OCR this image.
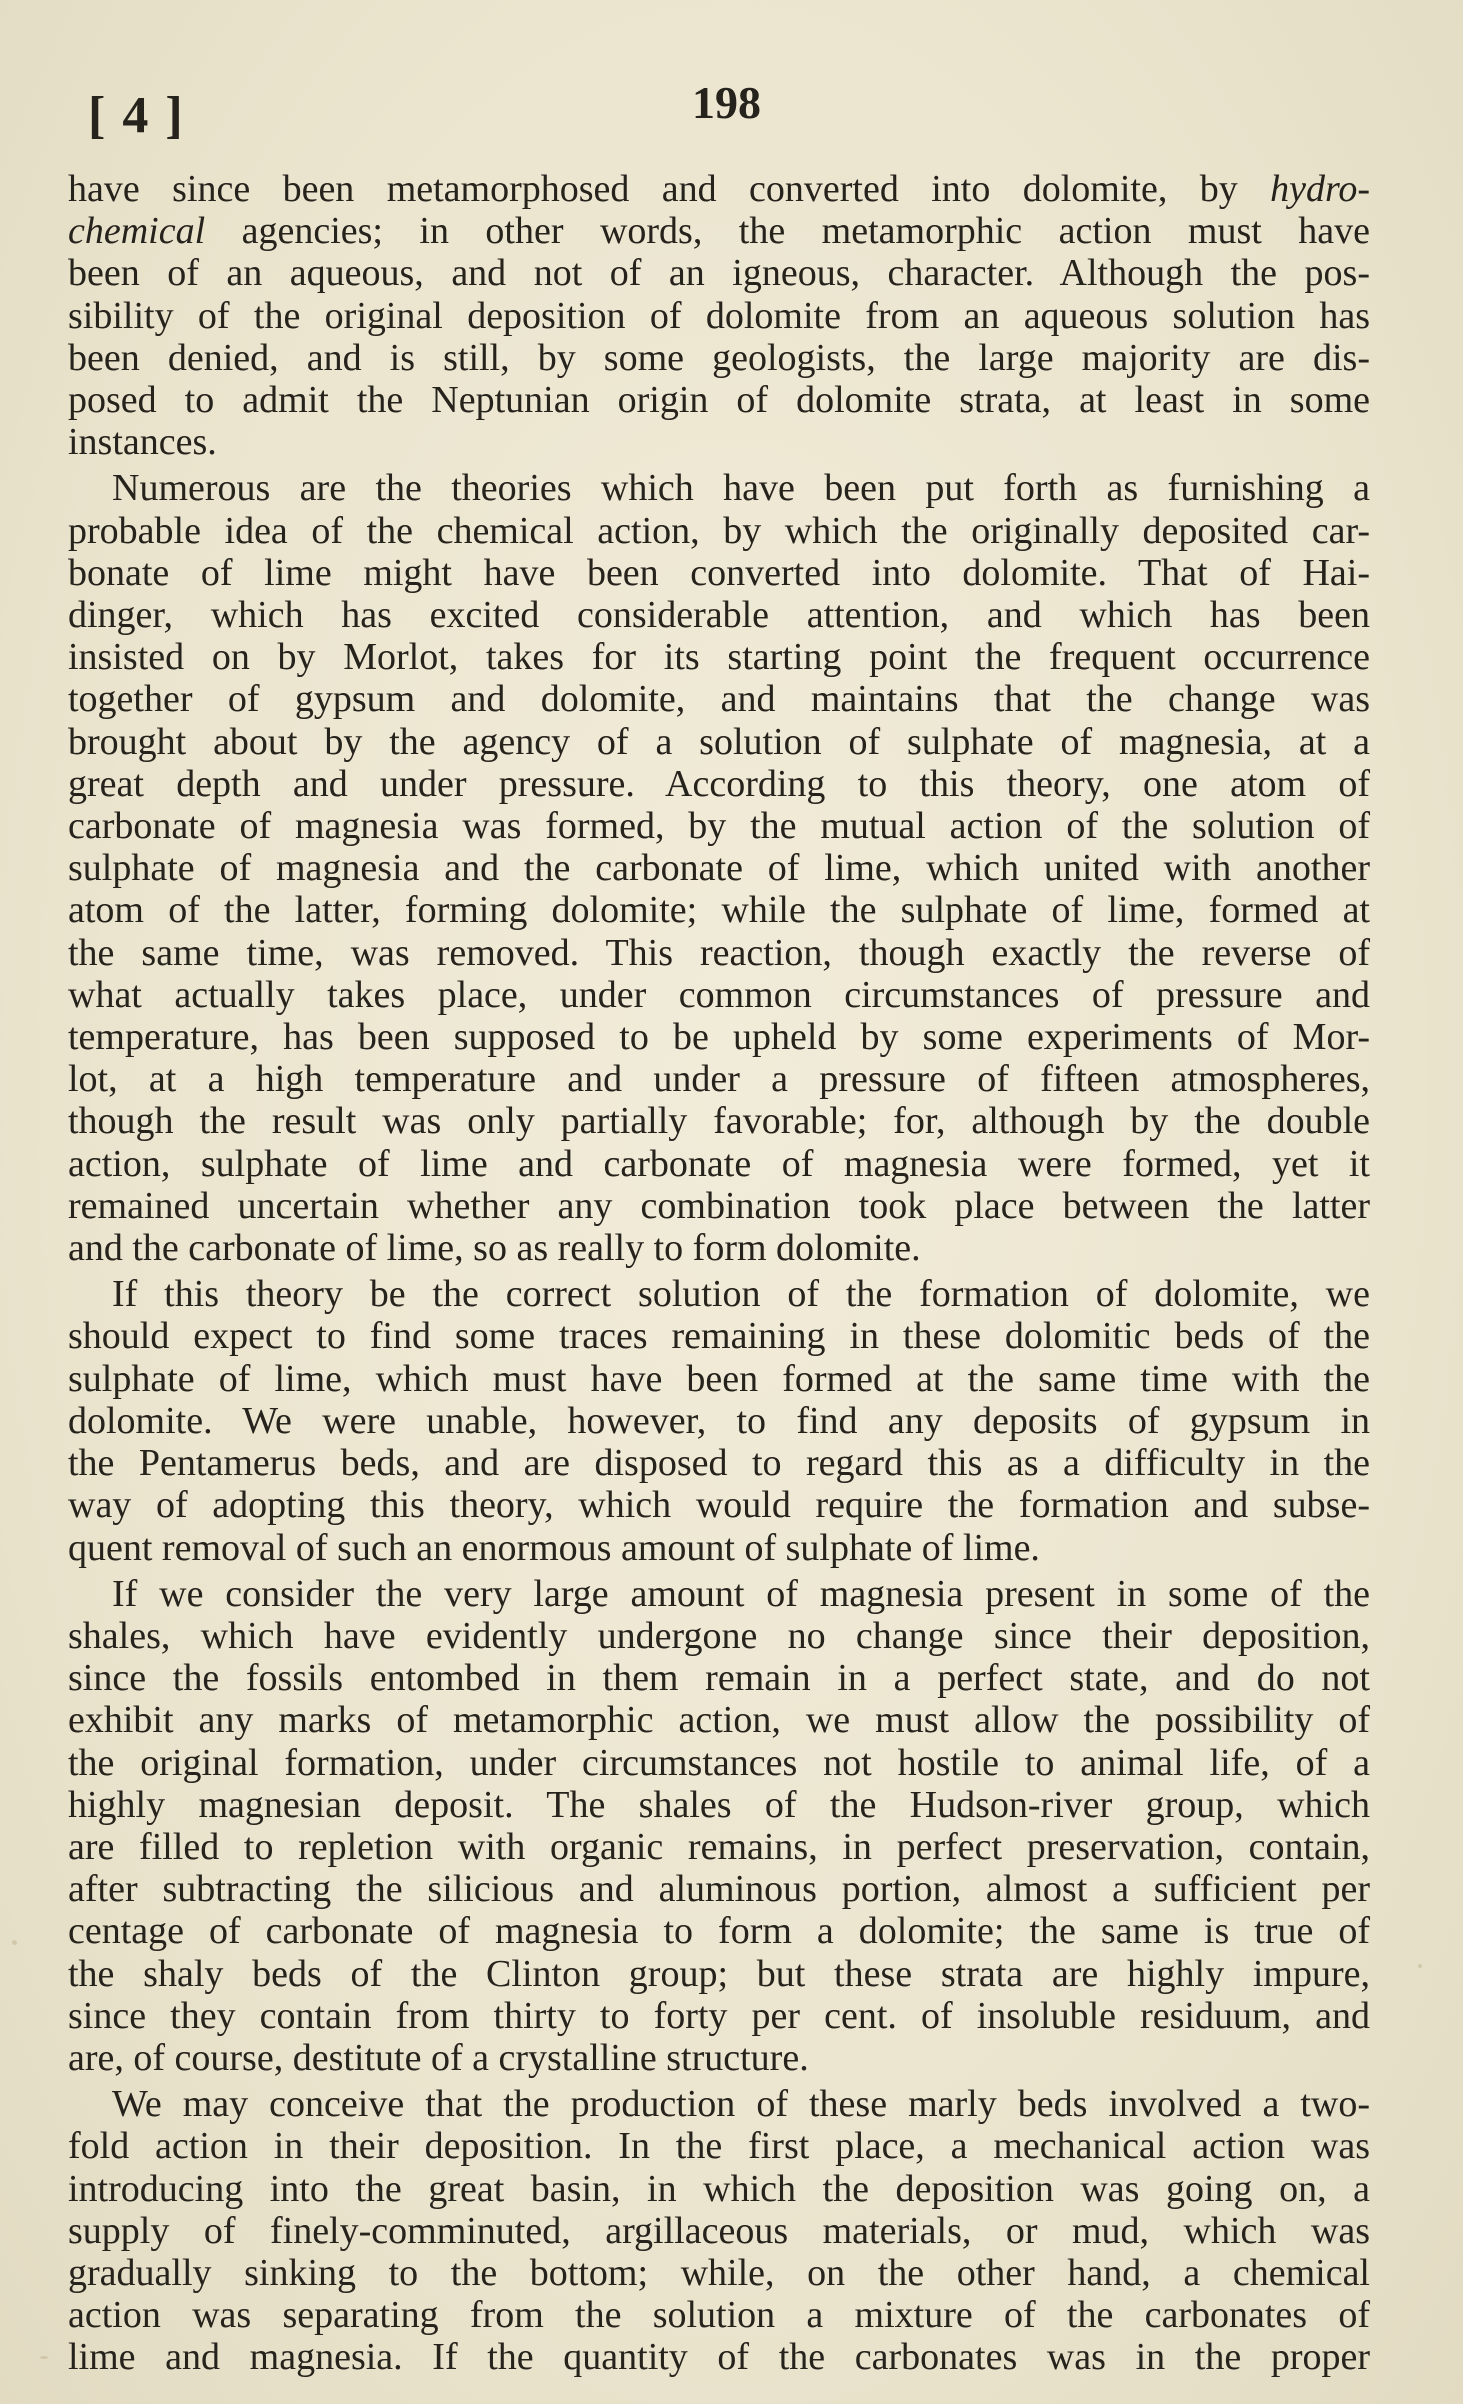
[ 4 ]	198
have since been metamorphosed and converted into dolomite, by hydro-
chemical agencies; in other words, the metamorphic action must have
been of an aqueous, and not of an igneous, character. Although the pos-
sibility of the original deposition of dolomite from an aqueous solution has
been denied, and is still, by some geologists, the large majority are dis-
posed to admit the Neptunian origin of dolomite strata, at least in some
instances.
Numerous are the theories which have been put forth as furnishing a
probable idea of the chemical action, by which the originally deposited car-
bonate of lime might have been converted into dolomite. That of Hai-
dinger, which has excited considerable attention, and which has been
insisted on by Morlot, takes for its starting point the frequent occurrence
together of gypsum and dolomite, and maintains that the change was
brought about by the agency of a solution of sulphate of magnesia, at a
great depth and under pressure. According to this theory, one atom of
carbonate of magnesia was formed, by the mutual action of the solution of
sulphate of magnesia and the carbonate of lime, which united with another
atom of the latter, forming dolomite; while the sulphate of lime, formed at
the same time, was removed. This reaction, though exactly the reverse of
what actually takes place, under common circumstances of pressure and
temperature, has been supposed to be upheld by some experiments of Mor-
lot, at a high temperature and under a pressure of fifteen atmospheres,
though the result was only partially favorable; for, although by the double
action, sulphate of lime and carbonate of magnesia were formed, yet it
remained uncertain whether any combination took place between the latter
and the carbonate of lime, so as really to form dolomite.
If this theory be the correct solution of the formation of dolomite, we
should expect to find some traces remaining in these dolomitic beds of the
sulphate of lime, which must have been formed at the same time with the
dolomite. We were unable, however, to find any deposits of gypsum in
the Pentamerus beds, and are disposed to regard this as a difficulty in the
way of adopting this theory, which would require the formation and subse-
quent removal of such an enormous amount of sulphate of lime.
If we consider the very large amount of magnesia present in some of the
shales, which have evidently undergone no change since their deposition,
since the fossils entombed in them remain in a perfect state, and do not
exhibit any marks of metamorphic action, we must allow the possibility of
the original formation, under circumstances not hostile to animal life, of a
highly magnesian deposit. The shales of the Hudson-river group, which
are filled to repletion with organic remains, in perfect preservation, contain,
after subtracting the silicious and aluminous portion, almost a sufficient per
centage of carbonate of magnesia to form a dolomite; the same is true of
the shaly beds of the Clinton group; but these strata are highly impure,
since they contain from thirty to forty per cent. of insoluble residuum, and
are, of course, destitute of a crystalline structure.
We may conceive that the production of these marly beds involved a two-
fold action in their deposition. In the first place, a mechanical action was
introducing into the great basin, in which the deposition was going on, a
supply of finely-comminuted, argillaceous materials, or mud, which was
gradually sinking to the bottom; while, on the other hand, a chemical
action was separating from the solution a mixture of the carbonates of
lime and magnesia. If the quantity of the carbonates was in the proper
